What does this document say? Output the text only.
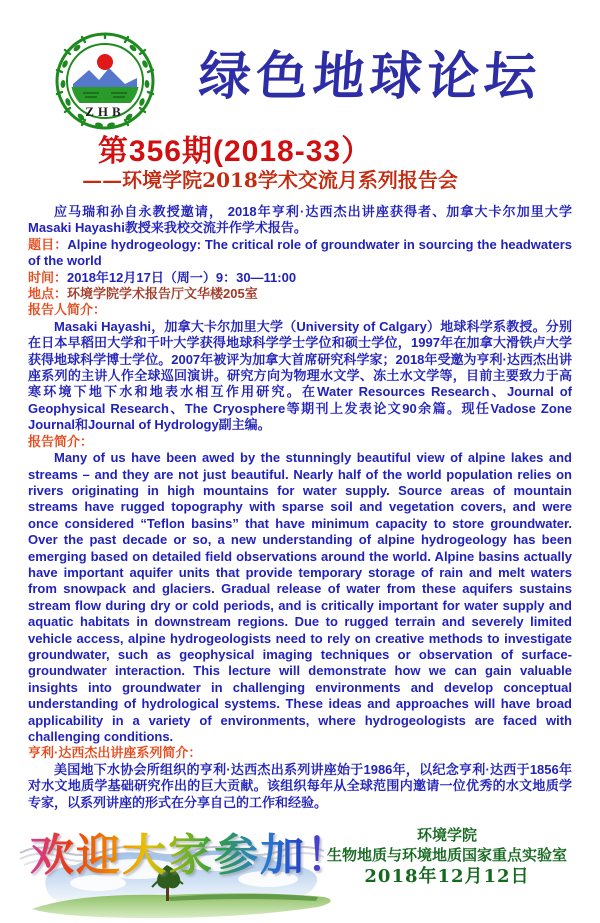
ZHB
绿色地球论坛
第356期(2018-33）
——环境学院2018学术交流月系列报告会

应马瑞和孙自永教授邀请， 2018年亨利·达西杰出讲座获得者、加拿大卡尔加里大学Masaki Hayashi教授来我校交流并作学术报告。

题目：Alpine hydrogeology: The critical role of groundwater in sourcing the headwaters of the world

时间：2018年12月17日（周一）9：30—11:00

地点：环境学院学术报告厅文华楼205室

报告人简介：

Masaki Hayashi，加拿大卡尔加里大学（University of Calgary）地球科学系教授。分别在日本早稻田大学和千叶大学获得地球科学学士学位和硕士学位，1997年在加拿大滑铁卢大学获得地球科学博士学位。2007年被评为加拿大首席研究科学家；2018年受邀为亨利·达西杰出讲座系列的主讲人作全球巡回演讲。研究方向为物理水文学、冻土水文学等，目前主要致力于高寒环境下地下水和地表水相互作用研究。在Water Resources Research、Journal of Geophysical Research、The Cryosphere等期刊上发表论文90余篇。现任Vadose Zone Journal和Journal of Hydrology副主编。

报告简介：

Many of us have been awed by the stunningly beautiful view of alpine lakes and streams – and they are not just beautiful. Nearly half of the world population relies on rivers originating in high mountains for water supply. Source areas of mountain streams have rugged topography with sparse soil and vegetation covers, and were once considered “Teflon basins” that have minimum capacity to store groundwater. Over the past decade or so, a new understanding of alpine hydrogeology has been emerging based on detailed field observations around the world. Alpine basins actually have important aquifer units that provide temporary storage of rain and melt waters from snowpack and glaciers. Gradual release of water from these aquifers sustains stream flow during dry or cold periods, and is critically important for water supply and aquatic habitats in downstream regions. Due to rugged terrain and severely limited vehicle access, alpine hydrogeologists need to rely on creative methods to investigate groundwater, such as geophysical imaging techniques or observation of surface-groundwater interaction. This lecture will demonstrate how we can gain valuable insights into groundwater in challenging environments and develop conceptual understanding of hydrological systems. These ideas and approaches will have broad applicability in a variety of environments, where hydrogeologists are faced with challenging conditions.

亨利·达西杰出讲座系列简介：

美国地下水协会所组织的亨利·达西杰出系列讲座始于1986年，以纪念亨利·达西于1856年对水文地质学基础研究作出的巨大贡献。该组织每年从全球范围内邀请一位优秀的水文地质学专家，以系列讲座的形式在分享自己的工作和经验。

欢迎大家参加！	环境学院
生物地质与环境地质国家重点实验室
2018年12月12日
